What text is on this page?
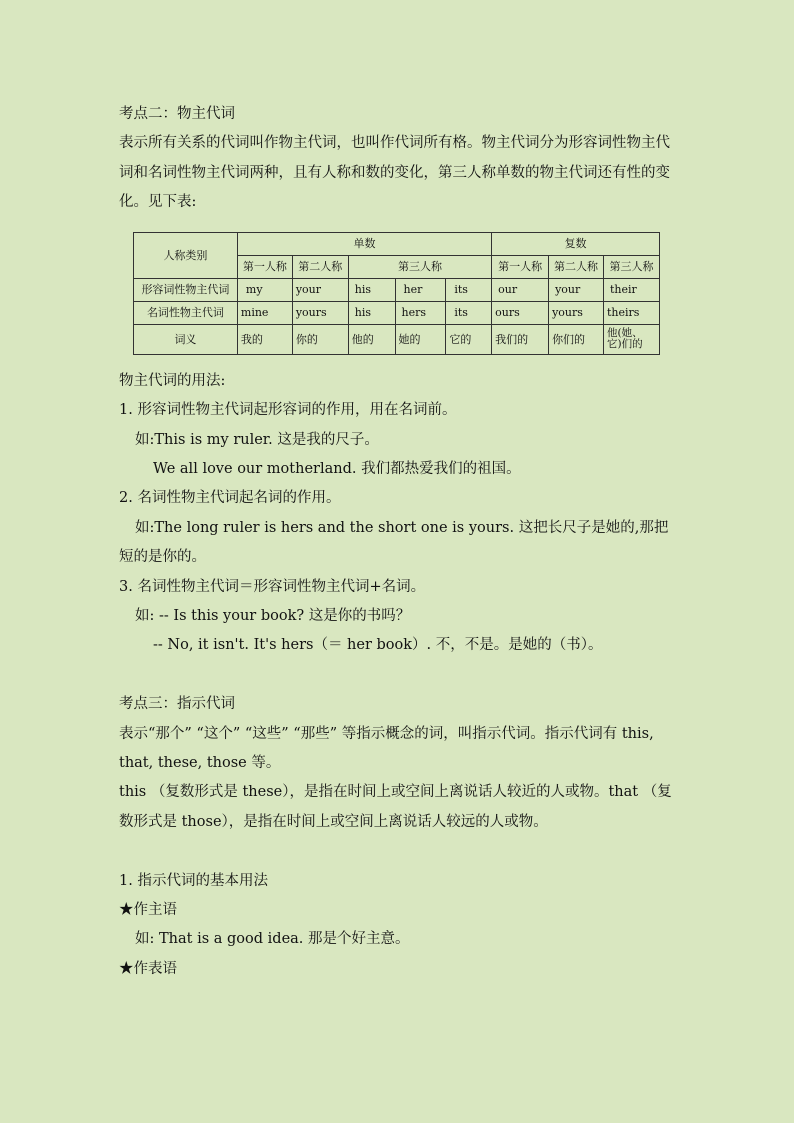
考点二：物主代词

表示所有关系的代词叫作物主代词，也叫作代词所有格。物主代词分为形容词性物主代词和名词性物主代词两种，且有人称和数的变化，第三人称单数的物主代词还有性的变化。见下表:

人称类别	单数					复数		
	第一人称	第二人称	第三人称			第一人称	第二人称	第三人称
形容词性物主代词	my	your	his	her	its	our	your	their
名词性物主代词	mine	yours	his	hers	its	ours	yours	theirs
词义	我的	你的	他的	她的	它的	我们的	你们的	他(她、它)们的

物主代词的用法:

1. 形容词性物主代词起形容词的作用，用在名词前。

如:This is my ruler. 这是我的尺子。

We all love our motherland. 我们都热爱我们的祖国。

2. 名词性物主代词起名词的作用。

如:The long ruler is hers and the short one is yours. 这把长尺子是她的,那把短的是你的。

3. 名词性物主代词＝形容词性物主代词+名词。

如: -- Is this your book? 这是你的书吗？

-- No, it isn't. It's hers（＝ her book）. 不，不是。是她的（书）。

考点三：指示代词

表示“那个” “这个” “这些” “那些” 等指示概念的词，叫指示代词。指示代词有 this, that, these, those 等。

this （复数形式是 these），是指在时间上或空间上离说话人较近的人或物。that （复数形式是 those），是指在时间上或空间上离说话人较远的人或物。

1. 指示代词的基本用法

★作主语

如: That is a good idea. 那是个好主意。

★作表语
